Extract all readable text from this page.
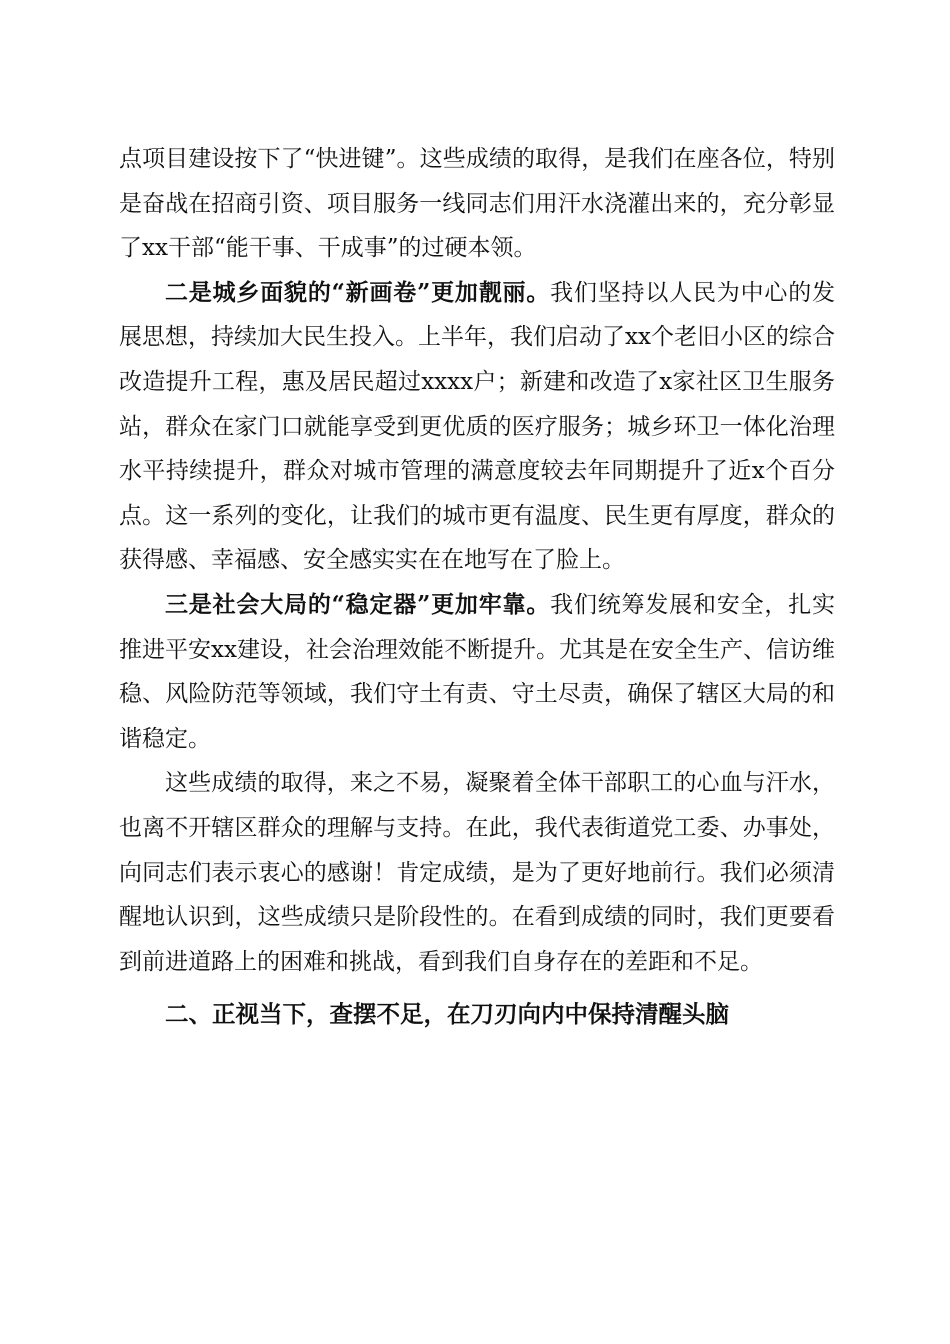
点项目建设按下了“快进键”。这些成绩的取得，是我们在座各位，特别是奋战在招商引资、项目服务一线同志们用汗水浇灌出来的，充分彰显了xx干部“能干事、干成事”的过硬本领。

二是城乡面貌的“新画卷”更加靓丽。我们坚持以人民为中心的发展思想，持续加大民生投入。上半年，我们启动了xx个老旧小区的综合改造提升工程，惠及居民超过xxxx户；新建和改造了x家社区卫生服务站，群众在家门口就能享受到更优质的医疗服务；城乡环卫一体化治理水平持续提升，群众对城市管理的满意度较去年同期提升了近x个百分点。这一系列的变化，让我们的城市更有温度、民生更有厚度，群众的获得感、幸福感、安全感实实在在地写在了脸上。

三是社会大局的“稳定器”更加牢靠。我们统筹发展和安全，扎实推进平安xx建设，社会治理效能不断提升。尤其是在安全生产、信访维稳、风险防范等领域，我们守土有责、守土尽责，确保了辖区大局的和谐稳定。

这些成绩的取得，来之不易，凝聚着全体干部职工的心血与汗水，也离不开辖区群众的理解与支持。在此，我代表街道党工委、办事处，向同志们表示衷心的感谢！肯定成绩，是为了更好地前行。我们必须清醒地认识到，这些成绩只是阶段性的。在看到成绩的同时，我们更要看到前进道路上的困难和挑战，看到我们自身存在的差距和不足。

二、正视当下，查摆不足，在刀刃向内中保持清醒头脑
